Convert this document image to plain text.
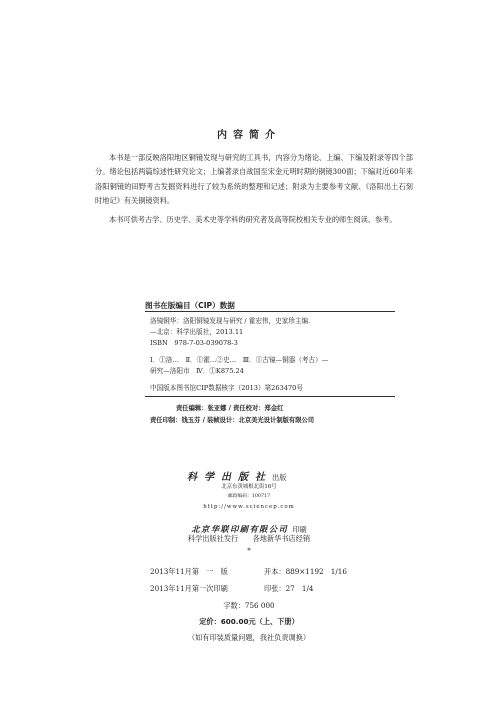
内容简介
本书是一部反映洛阳地区铜镜发现与研究的工具书，内容分为绪论、上编、下编及附录等四个部分。绪论包括两篇综述性研究论文；上编著录自战国至宋金元明时期的铜镜300面；下编对近60年来洛阳铜镜的田野考古发掘资料进行了较为系统的整理和记述；附录为主要参考文献、《洛阳出土石刻时地记》有关铜镜资料。
本书可供考古学、历史学、美术史等学科的研究者及高等院校相关专业的师生阅读、参考。
图书在版编目（CIP）数据
洛镜铜华：洛阳铜镜发现与研究 / 霍宏伟，史家珍主编.
—北京：科学出版社，2013.11
ISBN　978-7-03-039078-3
Ⅰ．①洛…　Ⅱ．①霍…②史…　Ⅲ．①古镜—铜器（考古）—
研究—洛阳市　Ⅳ．①K875.24
中国版本图书馆CIP数据核字（2013）第263470号
责任编辑：张亚娜 / 责任校对：郑金红
责任印制：钱玉芬 / 装帧设计：北京美光设计制版有限公司
科学出版社出版
北京东黄城根北街16号
邮政编码：100717
http://www.sciencep.com
北京华联印刷有限公司 印刷
科学出版社发行　　各地新华书店经销
*
2013年11月第　一　版	开本：889×1192　1/16
2013年11月第一次印刷	印张：27　1/4
字数：756 000
定价：600.00元（上、下册）
（如有印装质量问题，我社负责调换）
